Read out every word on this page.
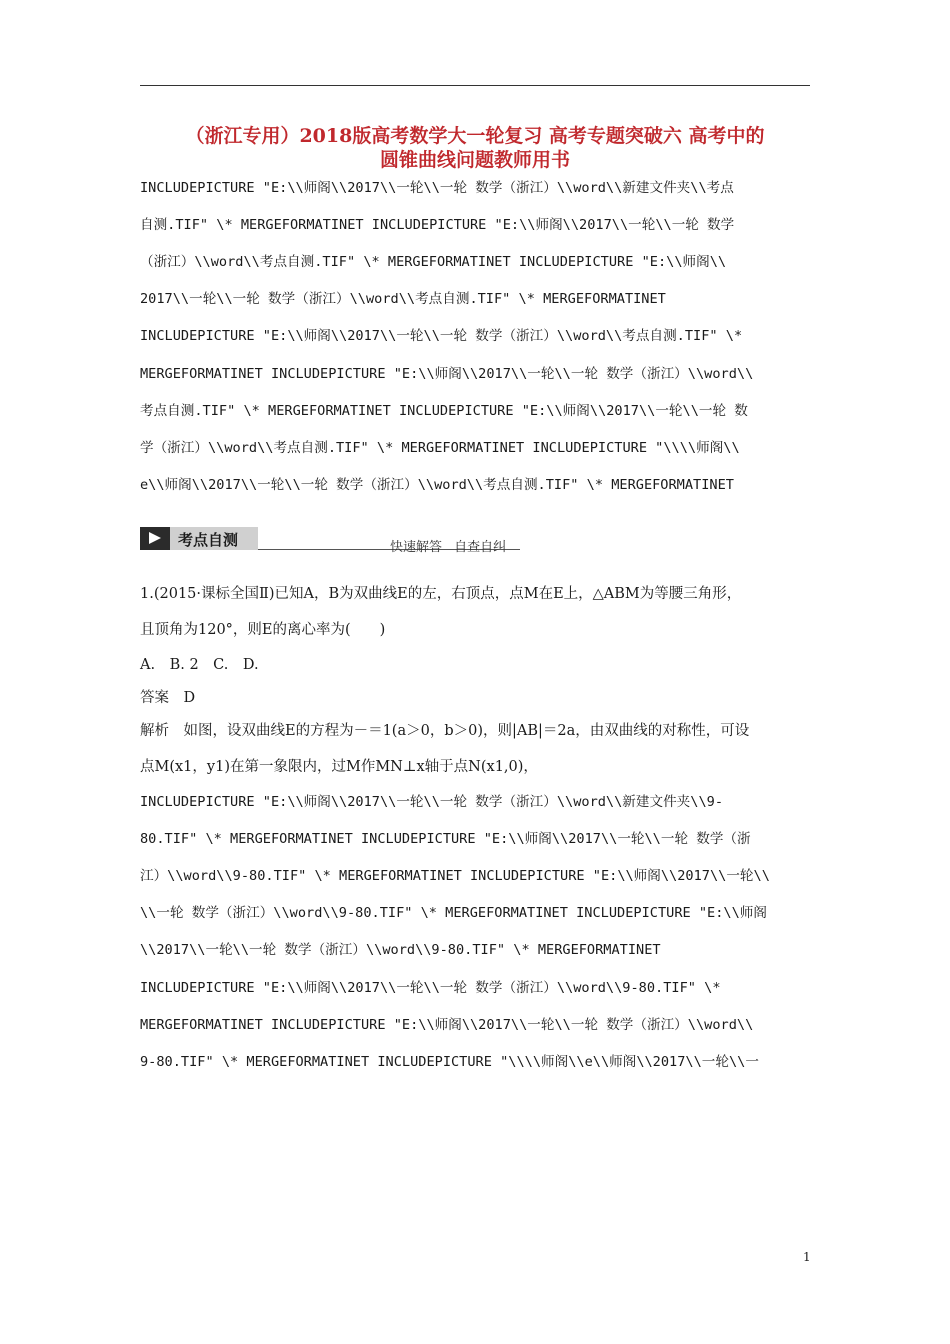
（浙江专用）2018版高考数学大一轮复习 高考专题突破六 高考中的
圆锥曲线问题教师用书
INCLUDEPICTURE "E:\\师阁\\2017\\一轮\\一轮 数学（浙江）\\word\\新建文件夹\\考点
自测.TIF" \* MERGEFORMATINET INCLUDEPICTURE "E:\\师阁\\2017\\一轮\\一轮 数学
（浙江）\\word\\考点自测.TIF" \* MERGEFORMATINET INCLUDEPICTURE "E:\\师阁\\
2017\\一轮\\一轮 数学（浙江）\\word\\考点自测.TIF" \* MERGEFORMATINET
INCLUDEPICTURE "E:\\师阁\\2017\\一轮\\一轮 数学（浙江）\\word\\考点自测.TIF" \*
MERGEFORMATINET INCLUDEPICTURE "E:\\师阁\\2017\\一轮\\一轮 数学（浙江）\\word\\
考点自测.TIF" \* MERGEFORMATINET INCLUDEPICTURE "E:\\师阁\\2017\\一轮\\一轮 数
学（浙江）\\word\\考点自测.TIF" \* MERGEFORMATINET INCLUDEPICTURE "\\\\师阁\\
e\\师阁\\2017\\一轮\\一轮 数学（浙江）\\word\\考点自测.TIF" \* MERGEFORMATINET
考点自测	快速解答 自查自纠
1.(2015·课标全国Ⅱ)已知A，B为双曲线E的左，右顶点，点M在E上，△ABM为等腰三角形，
且顶角为120°，则E的离心率为(　　)
A.　B. 2　C.　D.
答案　D
解析　如图，设双曲线E的方程为－＝1(a＞0，b＞0)，则|AB|＝2a，由双曲线的对称性，可设
点M(x1，y1)在第一象限内，过M作MN⊥x轴于点N(x1,0)，
INCLUDEPICTURE "E:\\师阁\\2017\\一轮\\一轮 数学（浙江）\\word\\新建文件夹\\9-
80.TIF" \* MERGEFORMATINET INCLUDEPICTURE "E:\\师阁\\2017\\一轮\\一轮 数学（浙
江）\\word\\9-80.TIF" \* MERGEFORMATINET INCLUDEPICTURE "E:\\师阁\\2017\\一轮\\
\\一轮 数学（浙江）\\word\\9-80.TIF" \* MERGEFORMATINET INCLUDEPICTURE "E:\\师阁
\\2017\\一轮\\一轮 数学（浙江）\\word\\9-80.TIF" \* MERGEFORMATINET
INCLUDEPICTURE "E:\\师阁\\2017\\一轮\\一轮 数学（浙江）\\word\\9-80.TIF" \*
MERGEFORMATINET INCLUDEPICTURE "E:\\师阁\\2017\\一轮\\一轮 数学（浙江）\\word\\
9-80.TIF" \* MERGEFORMATINET INCLUDEPICTURE "\\\\师阁\\e\\师阁\\2017\\一轮\\一
1
